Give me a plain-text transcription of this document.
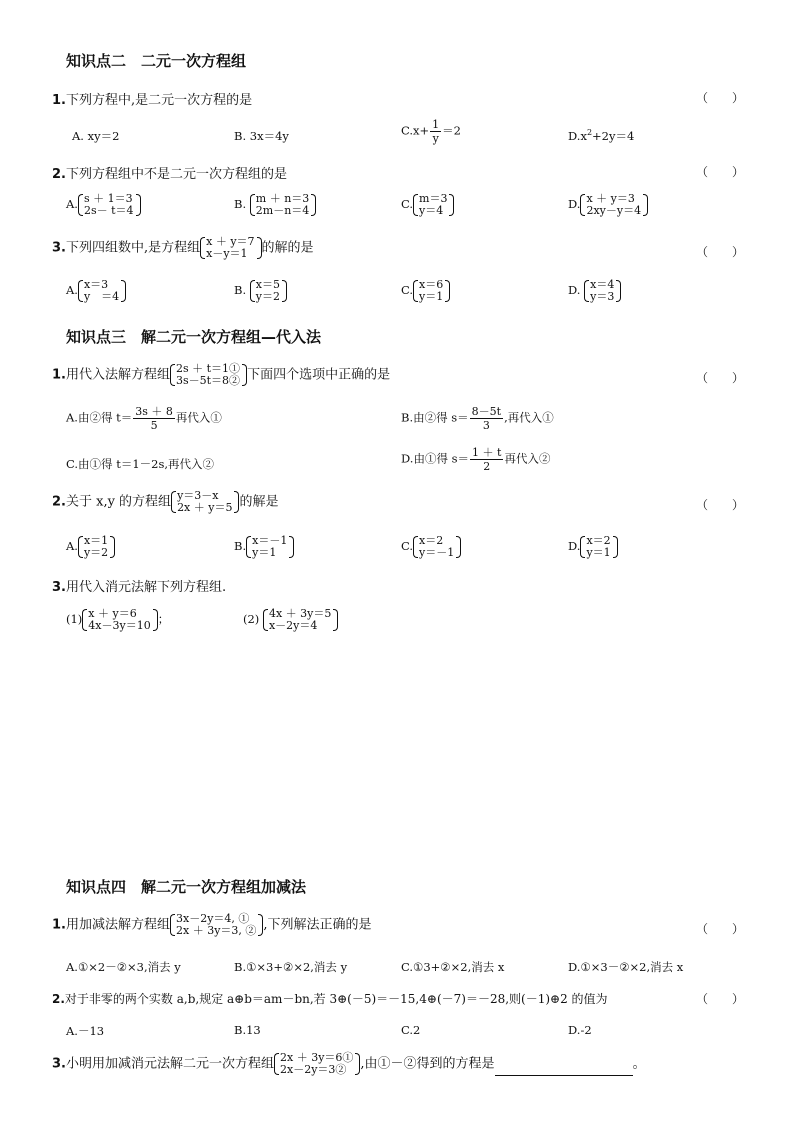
知识点二　二元一次方程组
1.下列方程中,是二元一次方程的是	（　　）
A. xy＝2	B. 3x＝4y	$C.x+ \frac{1}{y} =2$	$D.x^2+2y=4$
2.下列方程组中不是二元一次方程组的是	（　　）
A. s ＋ 1＝3
2s－ t＝4	B. m ＋ n＝3
2m－n＝4	C. m＝3
y＝4	D. x ＋ y＝3
2xy－y＝4
3.下列四组数中,是方程组 x ＋ y＝7
x－y＝1	的解的是	（　　）
A. x＝3
y　＝4	B. x＝5
y＝2	C. x＝6
y＝1	D. x＝4
y＝3
知识点三　解二元一次方程组—代入法
1.用代入法解方程组 2s ＋ t＝1①
3s－5t＝8② 下面四个选项中正确的是	（　　）
A.由②得 $t= \frac{3s + 8}{5}$ 再代入①	B.由②得 $s= \frac{8-5t}{3}$ ,再代入①
C.由①得 t＝1－2s,再代入②	D.由①得 $s= \frac{1 + t}{2}$ 再代入②
2.关于 x,y 的方程组 y＝3－x
2x ＋ y＝5 的解是	（　　）
A. x＝1
y＝2	B. x＝－1
y＝1	C. x＝2
y＝－1	D. x＝2
y＝1
3.用代入消元法解下列方程组.
(1) x ＋ y＝6
4x－3y＝10 ；	(2) 4x ＋ 3y＝5
x－2y＝4
知识点四　解二元一次方程组加减法
1.用加减法解方程组 3x－2y＝4, ①
2x ＋ 3y＝3, ② ,下列解法正确的是	（　　）
A.①×2－②×3,消去 y	B.①×3+②×2,消去 y	C.①3+②×2,消去 x	D.①×3－②×2,消去 x
2.对于非零的两个实数 a,b,规定 a⊕b＝am－bn,若 3⊕(－5)＝－15,4⊕(－7)＝－28,则(－1)⊕2 的值为	（　　）
A.－13	B.13	C.2	D.-2
3.小明用加减消元法解二元一次方程组 2x ＋ 3y＝6①
2x－2y＝3②	,由①－②得到的方程是	。
